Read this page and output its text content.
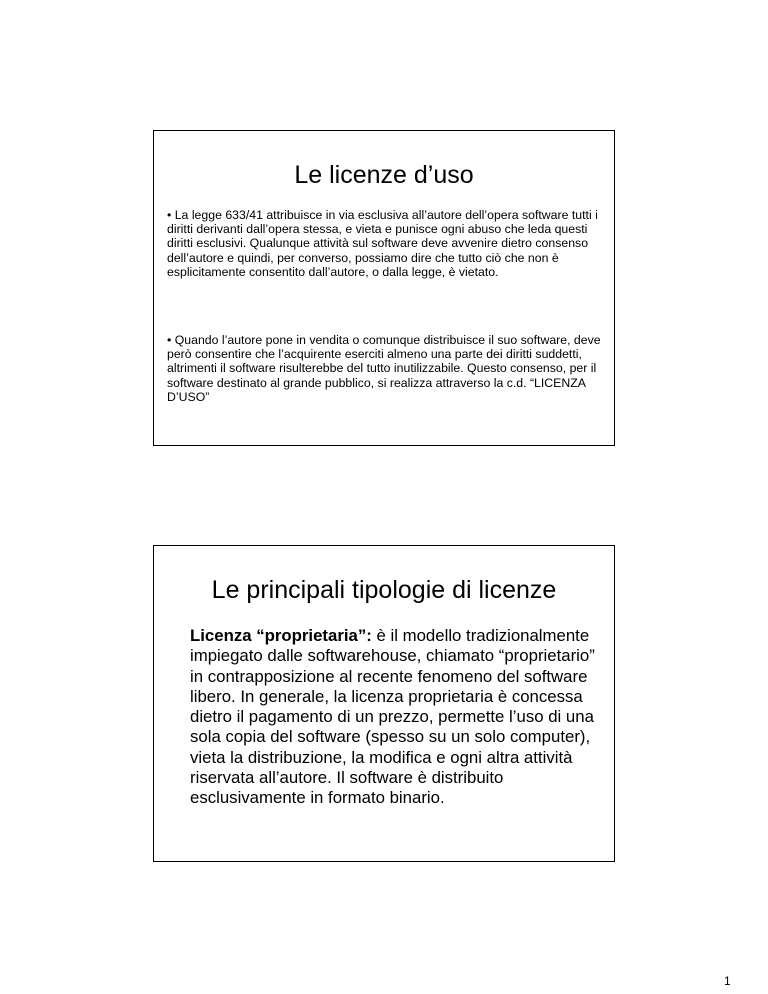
Le licenze d’uso

• La legge 633/41 attribuisce in via esclusiva all’autore dell’opera software tutti i diritti derivanti dall’opera stessa, e vieta e punisce ogni abuso che leda questi diritti esclusivi. Qualunque attività sul software deve avvenire dietro consenso dell’autore e quindi, per converso, possiamo dire che tutto ciò che non è esplicitamente consentito dall’autore, o dalla legge, è vietato.

• Quando l’autore pone in vendita o comunque distribuisce il suo software, deve però consentire che l’acquirente eserciti almeno una parte dei diritti suddetti, altrimenti il software risulterebbe del tutto inutilizzabile. Questo consenso, per il software destinato al grande pubblico, si realizza attraverso la c.d. “LICENZA D’USO”

Le principali tipologie di licenze

Licenza “proprietaria”: è il modello tradizionalmente impiegato dalle softwarehouse, chiamato “proprietario” in contrapposizione al recente fenomeno del software libero. In generale, la licenza proprietaria è concessa dietro il pagamento di un prezzo, permette l’uso di una sola copia del software (spesso su un solo computer), vieta la distribuzione, la modifica e ogni altra attività riservata all’autore. Il software è distribuito esclusivamente in formato binario.

1
